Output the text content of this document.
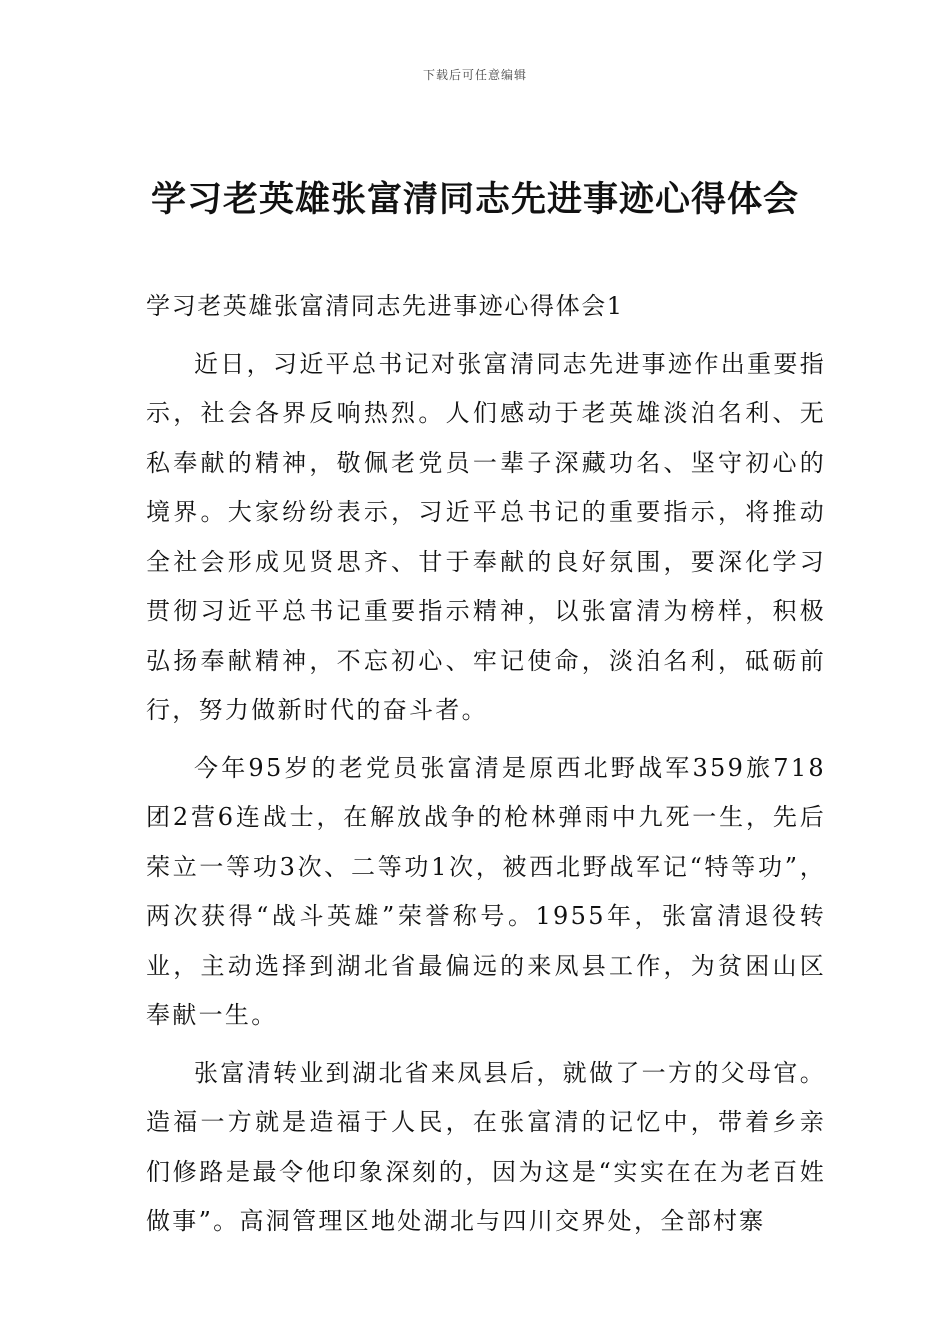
下载后可任意编辑
学习老英雄张富清同志先进事迹心得体会

学习老英雄张富清同志先进事迹心得体会1

近日，习近平总书记对张富清同志先进事迹作出重要指示，社会各界反响热烈。人们感动于老英雄淡泊名利、无私奉献的精神，敬佩老党员一辈子深藏功名、坚守初心的境界。大家纷纷表示，习近平总书记的重要指示，将推动全社会形成见贤思齐、甘于奉献的良好氛围，要深化学习贯彻习近平总书记重要指示精神，以张富清为榜样，积极弘扬奉献精神，不忘初心、牢记使命，淡泊名利，砥砺前行，努力做新时代的奋斗者。

今年95岁的老党员张富清是原西北野战军359旅718团2营6连战士，在解放战争的枪林弹雨中九死一生，先后荣立一等功3次、二等功1次，被西北野战军记“特等功”，两次获得“战斗英雄”荣誉称号。1955年，张富清退役转业，主动选择到湖北省最偏远的来凤县工作，为贫困山区奉献一生。

张富清转业到湖北省来凤县后，就做了一方的父母官。造福一方就是造福于人民，在张富清的记忆中，带着乡亲们修路是最令他印象深刻的，因为这是“实实在在为老百姓做事”。高洞管理区地处湖北与四川交界处，全部村寨
